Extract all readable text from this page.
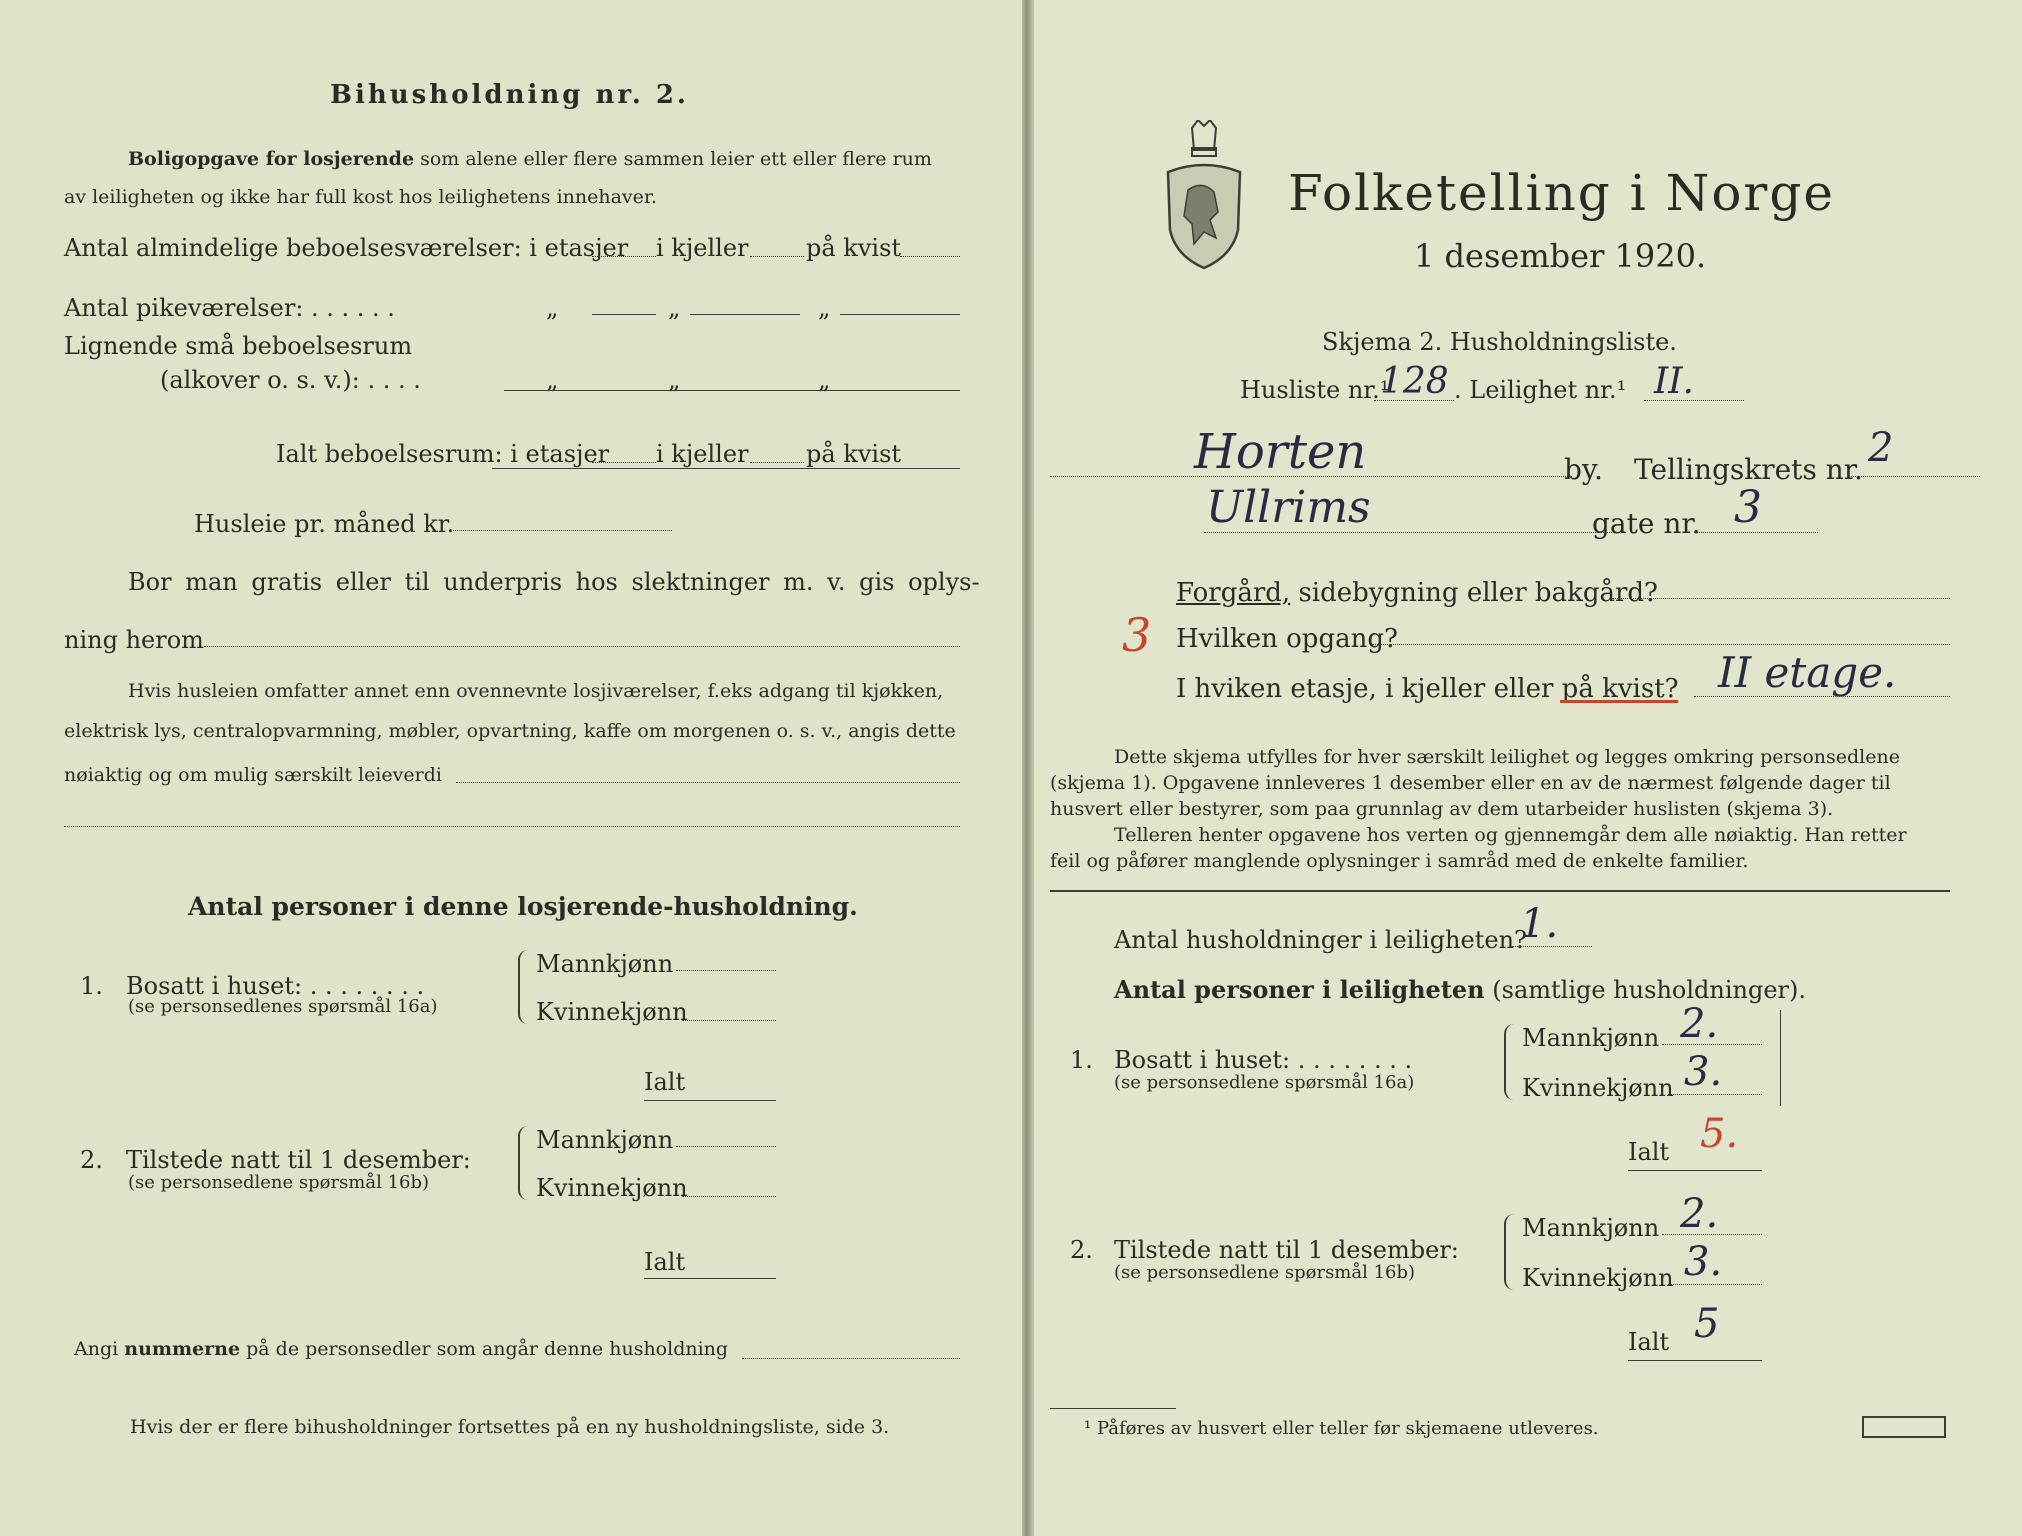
Bihusholdning nr. 2.
Boligopgave for losjerende som alene eller flere sammen leier ett eller flere rum
av leiligheten og ikke har full kost hos leilighetens innehaver.
Antal almindelige beboelsesværelser: i etasjer i kjeller på kvist
Antal pikeværelser: . . . . . .	„	„	„
Lignende små beboelsesrum
(alkover o. s. v.): . . . .	„	„	„
Ialt beboelsesrum: i etasjer i kjeller på kvist
Husleie pr. måned kr.
Bor man gratis eller til underpris hos slektninger m. v. gis oplys-
ning herom
Hvis husleien omfatter annet enn ovennevnte losjiværelser, f.eks adgang til kjøkken,
elektrisk lys, centralopvarmning, møbler, opvartning, kaffe om morgenen o. s. v., angis dette
nøiaktig og om mulig særskilt leieverdi
Antal personer i denne losjerende-husholdning.
1. Bosatt i huset: . . . . . . . .
(se personsedlenes spørsmål 16a)
Mannkjønn
Kvinnekjønn
Ialt
2. Tilstede natt til 1 desember:
(se personsedlene spørsmål 16b)
Mannkjønn
Kvinnekjønn
Ialt
Angi nummerne på de personsedler som angår denne husholdning
Hvis der er flere bihusholdninger fortsettes på en ny husholdningsliste, side 3.
Folketelling i Norge
1 desember 1920.
Skjema 2. Husholdningsliste.
Husliste nr.¹
128 . Leilighet nr.¹ II.
Horten	by. Tellingskrets nr. 2
Ullrims	gate nr. 3
Forgård, sidebygning eller bakgård?
3 Hvilken opgang?
I hviken etasje, i kjeller eller på kvist? II etage.
Dette skjema utfylles for hver særskilt leilighet og legges omkring personsedlene
(skjema 1). Opgavene innleveres 1 desember eller en av de nærmest følgende dager til
husvert eller bestyrer, som paa grunnlag av dem utarbeider huslisten (skjema 3).
Telleren henter opgavene hos verten og gjennemgår dem alle nøiaktig. Han retter
feil og påfører manglende oplysninger i samråd med de enkelte familier.
Antal husholdninger i leiligheten?
1.
Antal personer i leiligheten (samtlige husholdninger).
1. Bosatt i huset: . . . . . . . .
(se personsedlene spørsmål 16a)
Mannkjønn 2.
Kvinnekjønn 3.
Ialt 5.
2. Tilstede natt til 1 desember:
(se personsedlene spørsmål 16b)
Mannkjønn 2.
Kvinnekjønn 3.
Ialt 5
¹ Påføres av husvert eller teller før skjemaene utleveres.
